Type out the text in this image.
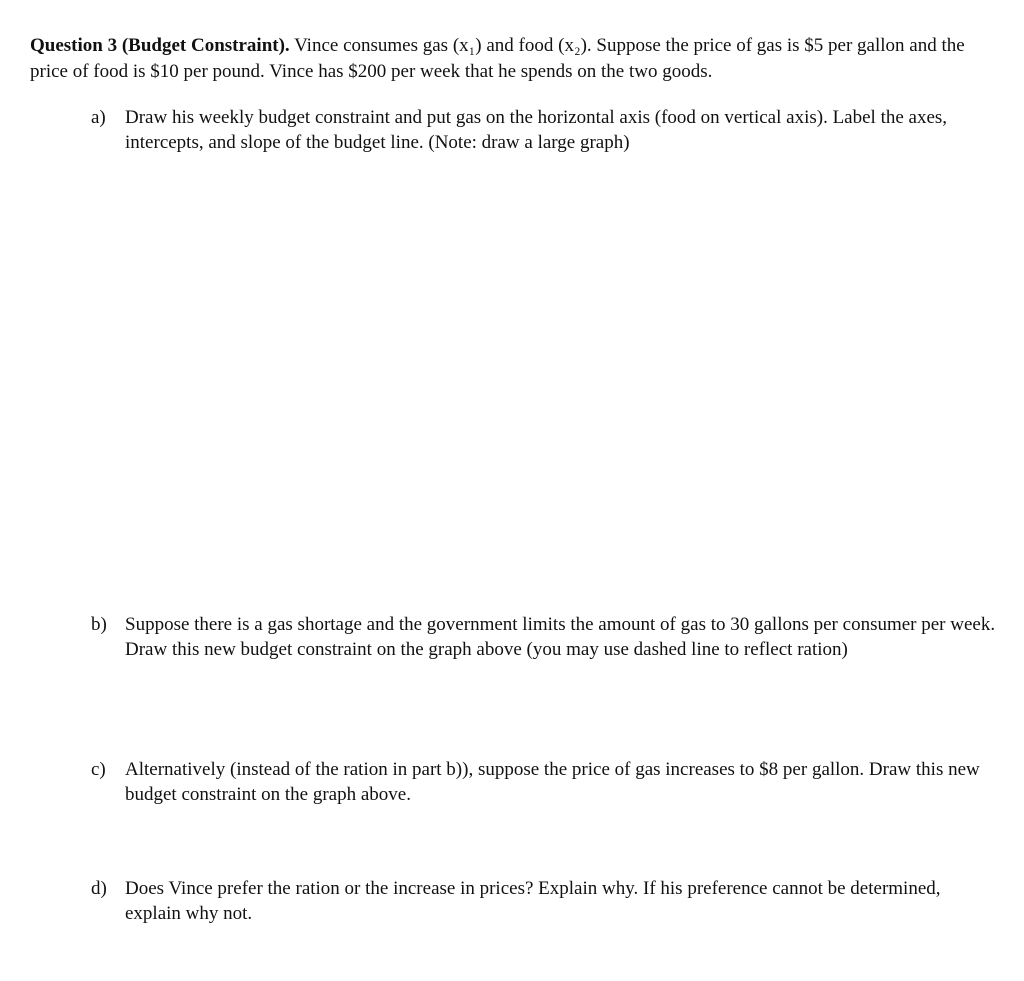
Question 3 (Budget Constraint). Vince consumes gas (x₁) and food (x₂). Suppose the price of gas is $5 per gallon and the price of food is $10 per pound. Vince has $200 per week that he spends on the two goods.

a) Draw his weekly budget constraint and put gas on the horizontal axis (food on vertical axis). Label the axes, intercepts, and slope of the budget line. (Note: draw a large graph)
b) Suppose there is a gas shortage and the government limits the amount of gas to 30 gallons per consumer per week. Draw this new budget constraint on the graph above (you may use dashed line to reflect ration)
c) Alternatively (instead of the ration in part b)), suppose the price of gas increases to $8 per gallon. Draw this new budget constraint on the graph above.
d) Does Vince prefer the ration or the increase in prices? Explain why. If his preference cannot be determined, explain why not.
